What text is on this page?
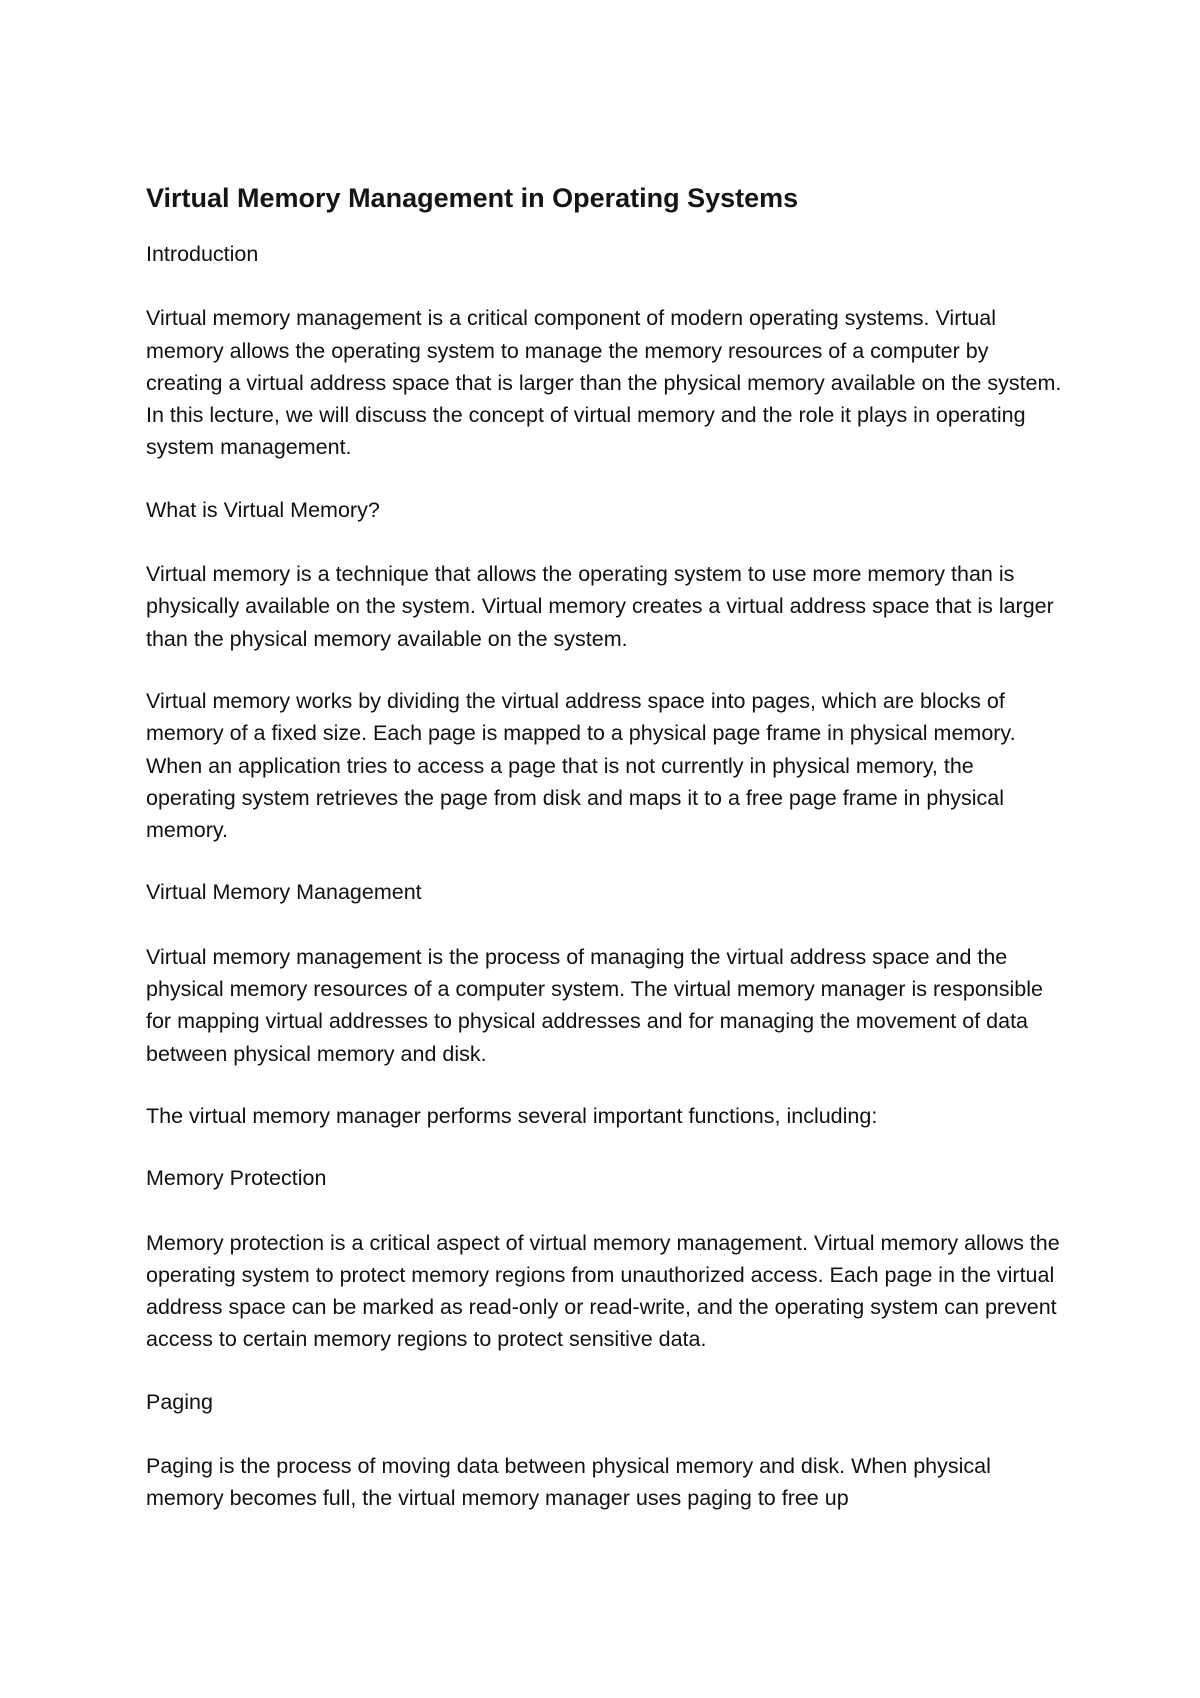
Virtual Memory Management in Operating Systems
Introduction
Virtual memory management is a critical component of modern operating systems. Virtual memory allows the operating system to manage the memory resources of a computer by creating a virtual address space that is larger than the physical memory available on the system. In this lecture, we will discuss the concept of virtual memory and the role it plays in operating system management.
What is Virtual Memory?
Virtual memory is a technique that allows the operating system to use more memory than is physically available on the system. Virtual memory creates a virtual address space that is larger than the physical memory available on the system.
Virtual memory works by dividing the virtual address space into pages, which are blocks of memory of a fixed size. Each page is mapped to a physical page frame in physical memory. When an application tries to access a page that is not currently in physical memory, the operating system retrieves the page from disk and maps it to a free page frame in physical memory.
Virtual Memory Management
Virtual memory management is the process of managing the virtual address space and the physical memory resources of a computer system. The virtual memory manager is responsible for mapping virtual addresses to physical addresses and for managing the movement of data between physical memory and disk.
The virtual memory manager performs several important functions, including:
Memory Protection
Memory protection is a critical aspect of virtual memory management. Virtual memory allows the operating system to protect memory regions from unauthorized access. Each page in the virtual address space can be marked as read-only or read-write, and the operating system can prevent access to certain memory regions to protect sensitive data.
Paging
Paging is the process of moving data between physical memory and disk. When physical memory becomes full, the virtual memory manager uses paging to free up
